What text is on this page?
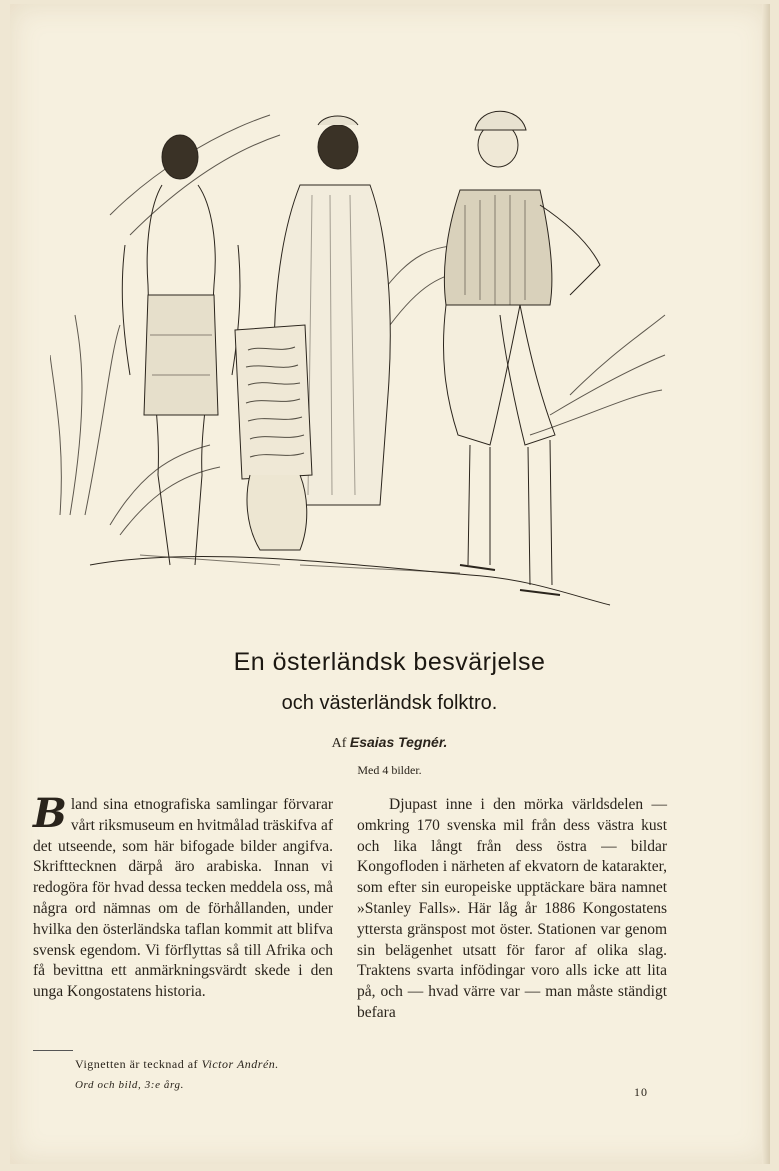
En österländsk besvärjelse
och västerländsk folktro.
Af Esaias Tegnér.
Med 4 bilder.

Bland sina etnografiska samlingar förvarar vårt riksmuseum en hvitmålad träskifva af det utseende, som här bifogade bilder angifva. Skrifttecknen därpå äro arabiska. Innan vi redogöra för hvad dessa tecken meddela oss, må några ord nämnas om de förhållanden, under hvilka den österländska taflan kommit att blifva svensk egendom. Vi förflyttas så till Afrika och få bevittna ett anmärkningsvärdt skede i den unga Kongostatens historia.

Djupast inne i den mörka världsdelen — omkring 170 svenska mil från dess västra kust och lika långt från dess östra — bildar Kongofloden i närheten af ekvatorn de katarakter, som efter sin europeiske upptäckare bära namnet »Stanley Falls». Här låg år 1886 Kongostatens yttersta gränspost mot öster. Stationen var genom sin belägenhet utsatt för faror af olika slag. Traktens svarta infödingar voro alls icke att lita på, och — hvad värre var — man måste ständigt befara

Vignetten är tecknad af Victor Andrén.
Ord och bild, 3:e årg.	10
